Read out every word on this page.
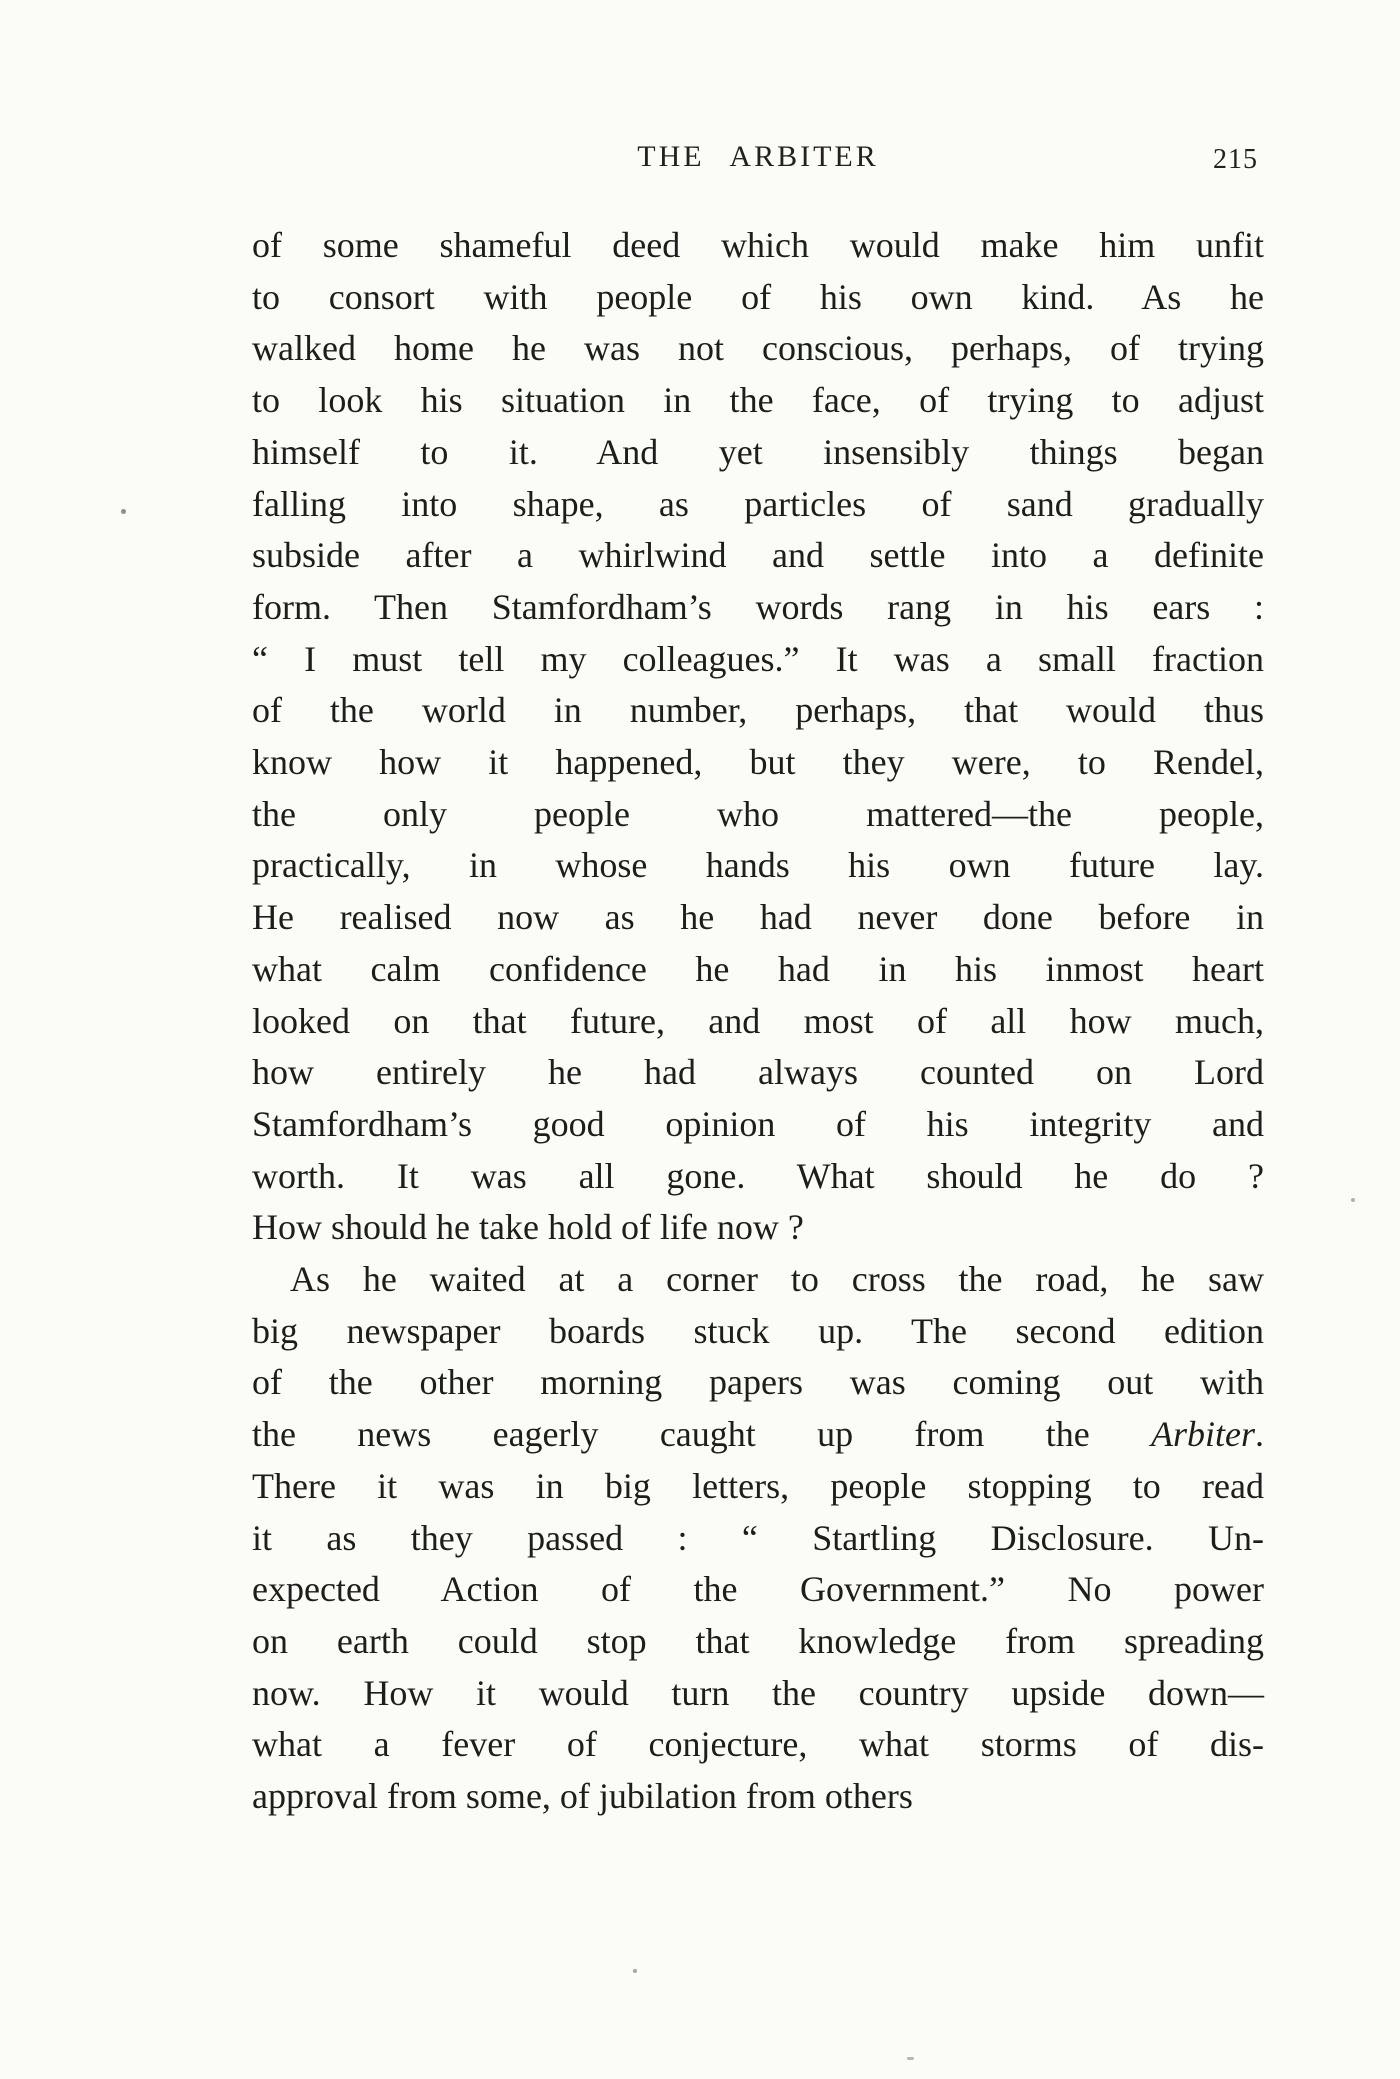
THE ARBITER	215
of some shameful deed which would make him unfit
to consort with people of his own kind. As he
walked home he was not conscious, perhaps, of trying
to look his situation in the face, of trying to adjust
himself to it. And yet insensibly things began
falling into shape, as particles of sand gradually
subside after a whirlwind and settle into a definite
form. Then Stamfordham’s words rang in his ears :
“ I must tell my colleagues.” It was a small fraction
of the world in number, perhaps, that would thus
know how it happened, but they were, to Rendel,
the only people who mattered—the people,
practically, in whose hands his own future lay.
He realised now as he had never done before in
what calm confidence he had in his inmost heart
looked on that future, and most of all how much,
how entirely he had always counted on Lord
Stamfordham’s good opinion of his integrity and
worth. It was all gone. What should he do ?
How should he take hold of life now ?
As he waited at a corner to cross the road, he saw
big newspaper boards stuck up. The second edition
of the other morning papers was coming out with
the news eagerly caught up from the Arbiter.
There it was in big letters, people stopping to read
it as they passed : “ Startling Disclosure. Un-
expected Action of the Government.” No power
on earth could stop that knowledge from spreading
now. How it would turn the country upside down—
what a fever of conjecture, what storms of dis-
approval from some, of jubilation from others
